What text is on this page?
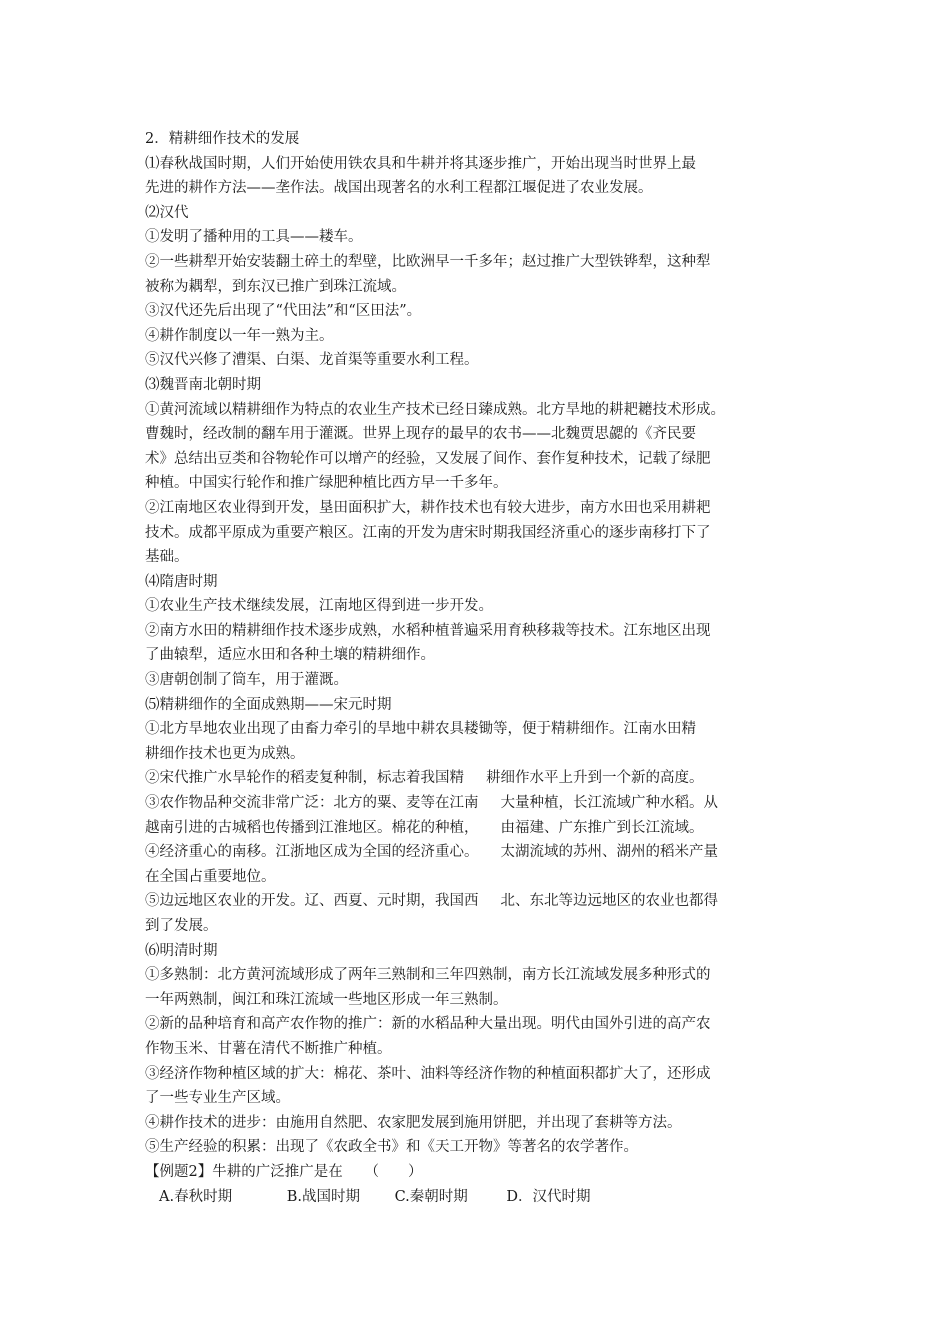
2．精耕细作技术的发展
⑴春秋战国时期，人们开始使用铁农具和牛耕并将其逐步推广，开始出现当时世界上最
先进的耕作方法——垄作法。战国出现著名的水利工程都江堰促进了农业发展。
⑵汉代
①发明了播种用的工具——耧车。
②一些耕犁开始安装翻土碎土的犁壁，比欧洲早一千多年；赵过推广大型铁铧犁，这种犁
被称为耦犁，到东汉已推广到珠江流域。
③汉代还先后出现了“代田法”和“区田法”。
④耕作制度以一年一熟为主。
⑤汉代兴修了漕渠、白渠、龙首渠等重要水利工程。
⑶魏晋南北朝时期
①黄河流域以精耕细作为特点的农业生产技术已经日臻成熟。北方旱地的耕耙耱技术形成。
曹魏时，经改制的翻车用于灌溉。世界上现存的最早的农书——北魏贾思勰的《齐民要
术》总结出豆类和谷物轮作可以增产的经验，又发展了间作、套作复种技术，记载了绿肥
种植。中国实行轮作和推广绿肥种植比西方早一千多年。
②江南地区农业得到开发，垦田面积扩大，耕作技术也有较大进步，南方水田也采用耕耙
技术。成都平原成为重要产粮区。江南的开发为唐宋时期我国经济重心的逐步南移打下了
基础。
⑷隋唐时期
①农业生产技术继续发展，江南地区得到进一步开发。
②南方水田的精耕细作技术逐步成熟，水稻种植普遍采用育秧移栽等技术。江东地区出现
了曲辕犁，适应水田和各种土壤的精耕细作。
③唐朝创制了筒车，用于灌溉。
⑸精耕细作的全面成熟期——宋元时期
①北方旱地农业出现了由畜力牵引的旱地中耕农具耧锄等，便于精耕细作。江南水田精
耕细作技术也更为成熟。
②宋代推广水旱轮作的稻麦复种制，标志着我国精 耕细作水平上升到一个新的高度。
③农作物品种交流非常广泛：北方的粟、麦等在江南 大量种植，长江流域广种水稻。从
越南引进的古城稻也传播到江淮地区。棉花的种植， 由福建、广东推广到长江流域。
④经济重心的南移。江浙地区成为全国的经济重心。 太湖流域的苏州、湖州的稻米产量
在全国占重要地位。
⑤边远地区农业的开发。辽、西夏、元时期，我国西 北、东北等边远地区的农业也都得
到了发展。
⑹明清时期
①多熟制：北方黄河流域形成了两年三熟制和三年四熟制，南方长江流域发展多种形式的
一年两熟制，闽江和珠江流域一些地区形成一年三熟制。
②新的品种培育和高产农作物的推广：新的水稻品种大量出现。明代由国外引进的高产农
作物玉米、甘薯在清代不断推广种植。
③经济作物种植区域的扩大：棉花、茶叶、油料等经济作物的种植面积都扩大了，还形成
了一些专业生产区域。
④耕作技术的进步：由施用自然肥、农家肥发展到施用饼肥，并出现了套耕等方法。
⑤生产经验的积累：出现了《农政全书》和《天工开物》等著名的农学著作。
【例题2】牛耕的广泛推广是在　　（　　）
A.春秋时期	B.战国时期 C.秦朝时期	D．汉代时期
